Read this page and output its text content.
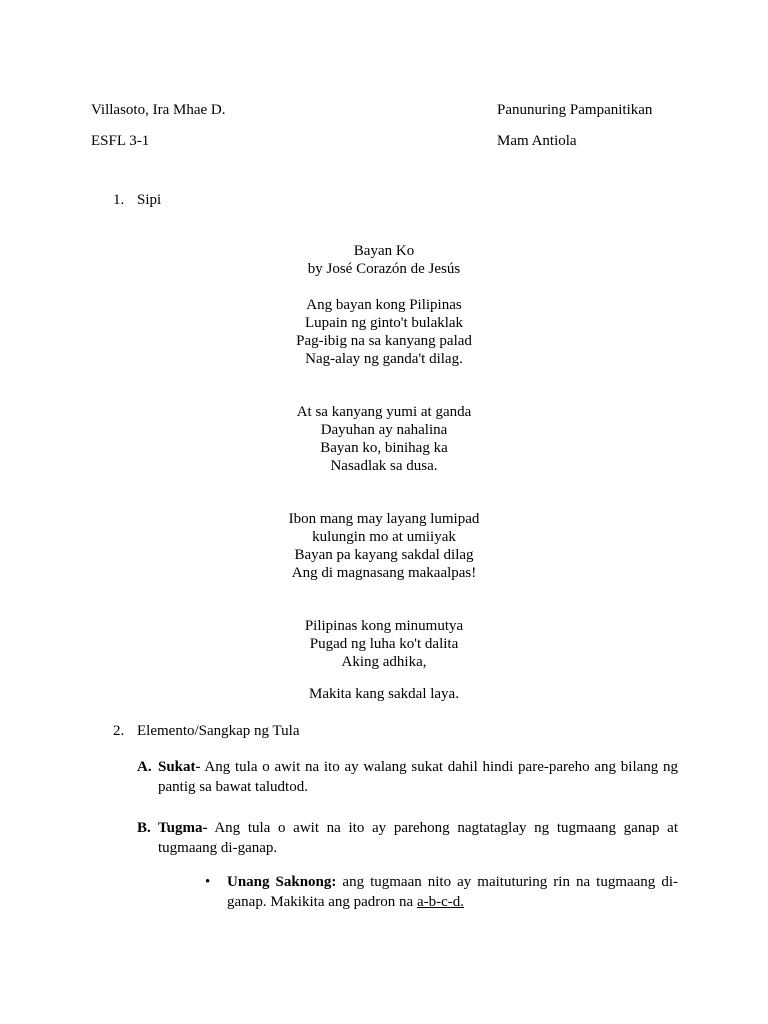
Villasoto, Ira Mhae D.	Panunuring Pampanitikan
ESFL 3-1	Mam Antiola
1. Sipi
Bayan Ko
by José Corazón de Jesús
Ang bayan kong Pilipinas
Lupain ng ginto't bulaklak
Pag-ibig na sa kanyang palad
Nag-alay ng ganda't dilag.
At sa kanyang yumi at ganda
Dayuhan ay nahalina
Bayan ko, binihag ka
Nasadlak sa dusa.
Ibon mang may layang lumipad
kulungin mo at umiiyak
Bayan pa kayang sakdal dilag
Ang di magnasang makaalpas!
Pilipinas kong minumutya
Pugad ng luha ko't dalita
Aking adhika,
Makita kang sakdal laya.
2. Elemento/Sangkap ng Tula
A. Sukat- Ang tula o awit na ito ay walang sukat dahil hindi pare-pareho ang bilang ng pantig sa bawat taludtod.
B. Tugma- Ang tula o awit na ito ay parehong nagtataglay ng tugmaang ganap at tugmaang di-ganap.
• Unang Saknong: ang tugmaan nito ay maituturing rin na tugmaang di-ganap. Makikita ang padron na a-b-c-d.
